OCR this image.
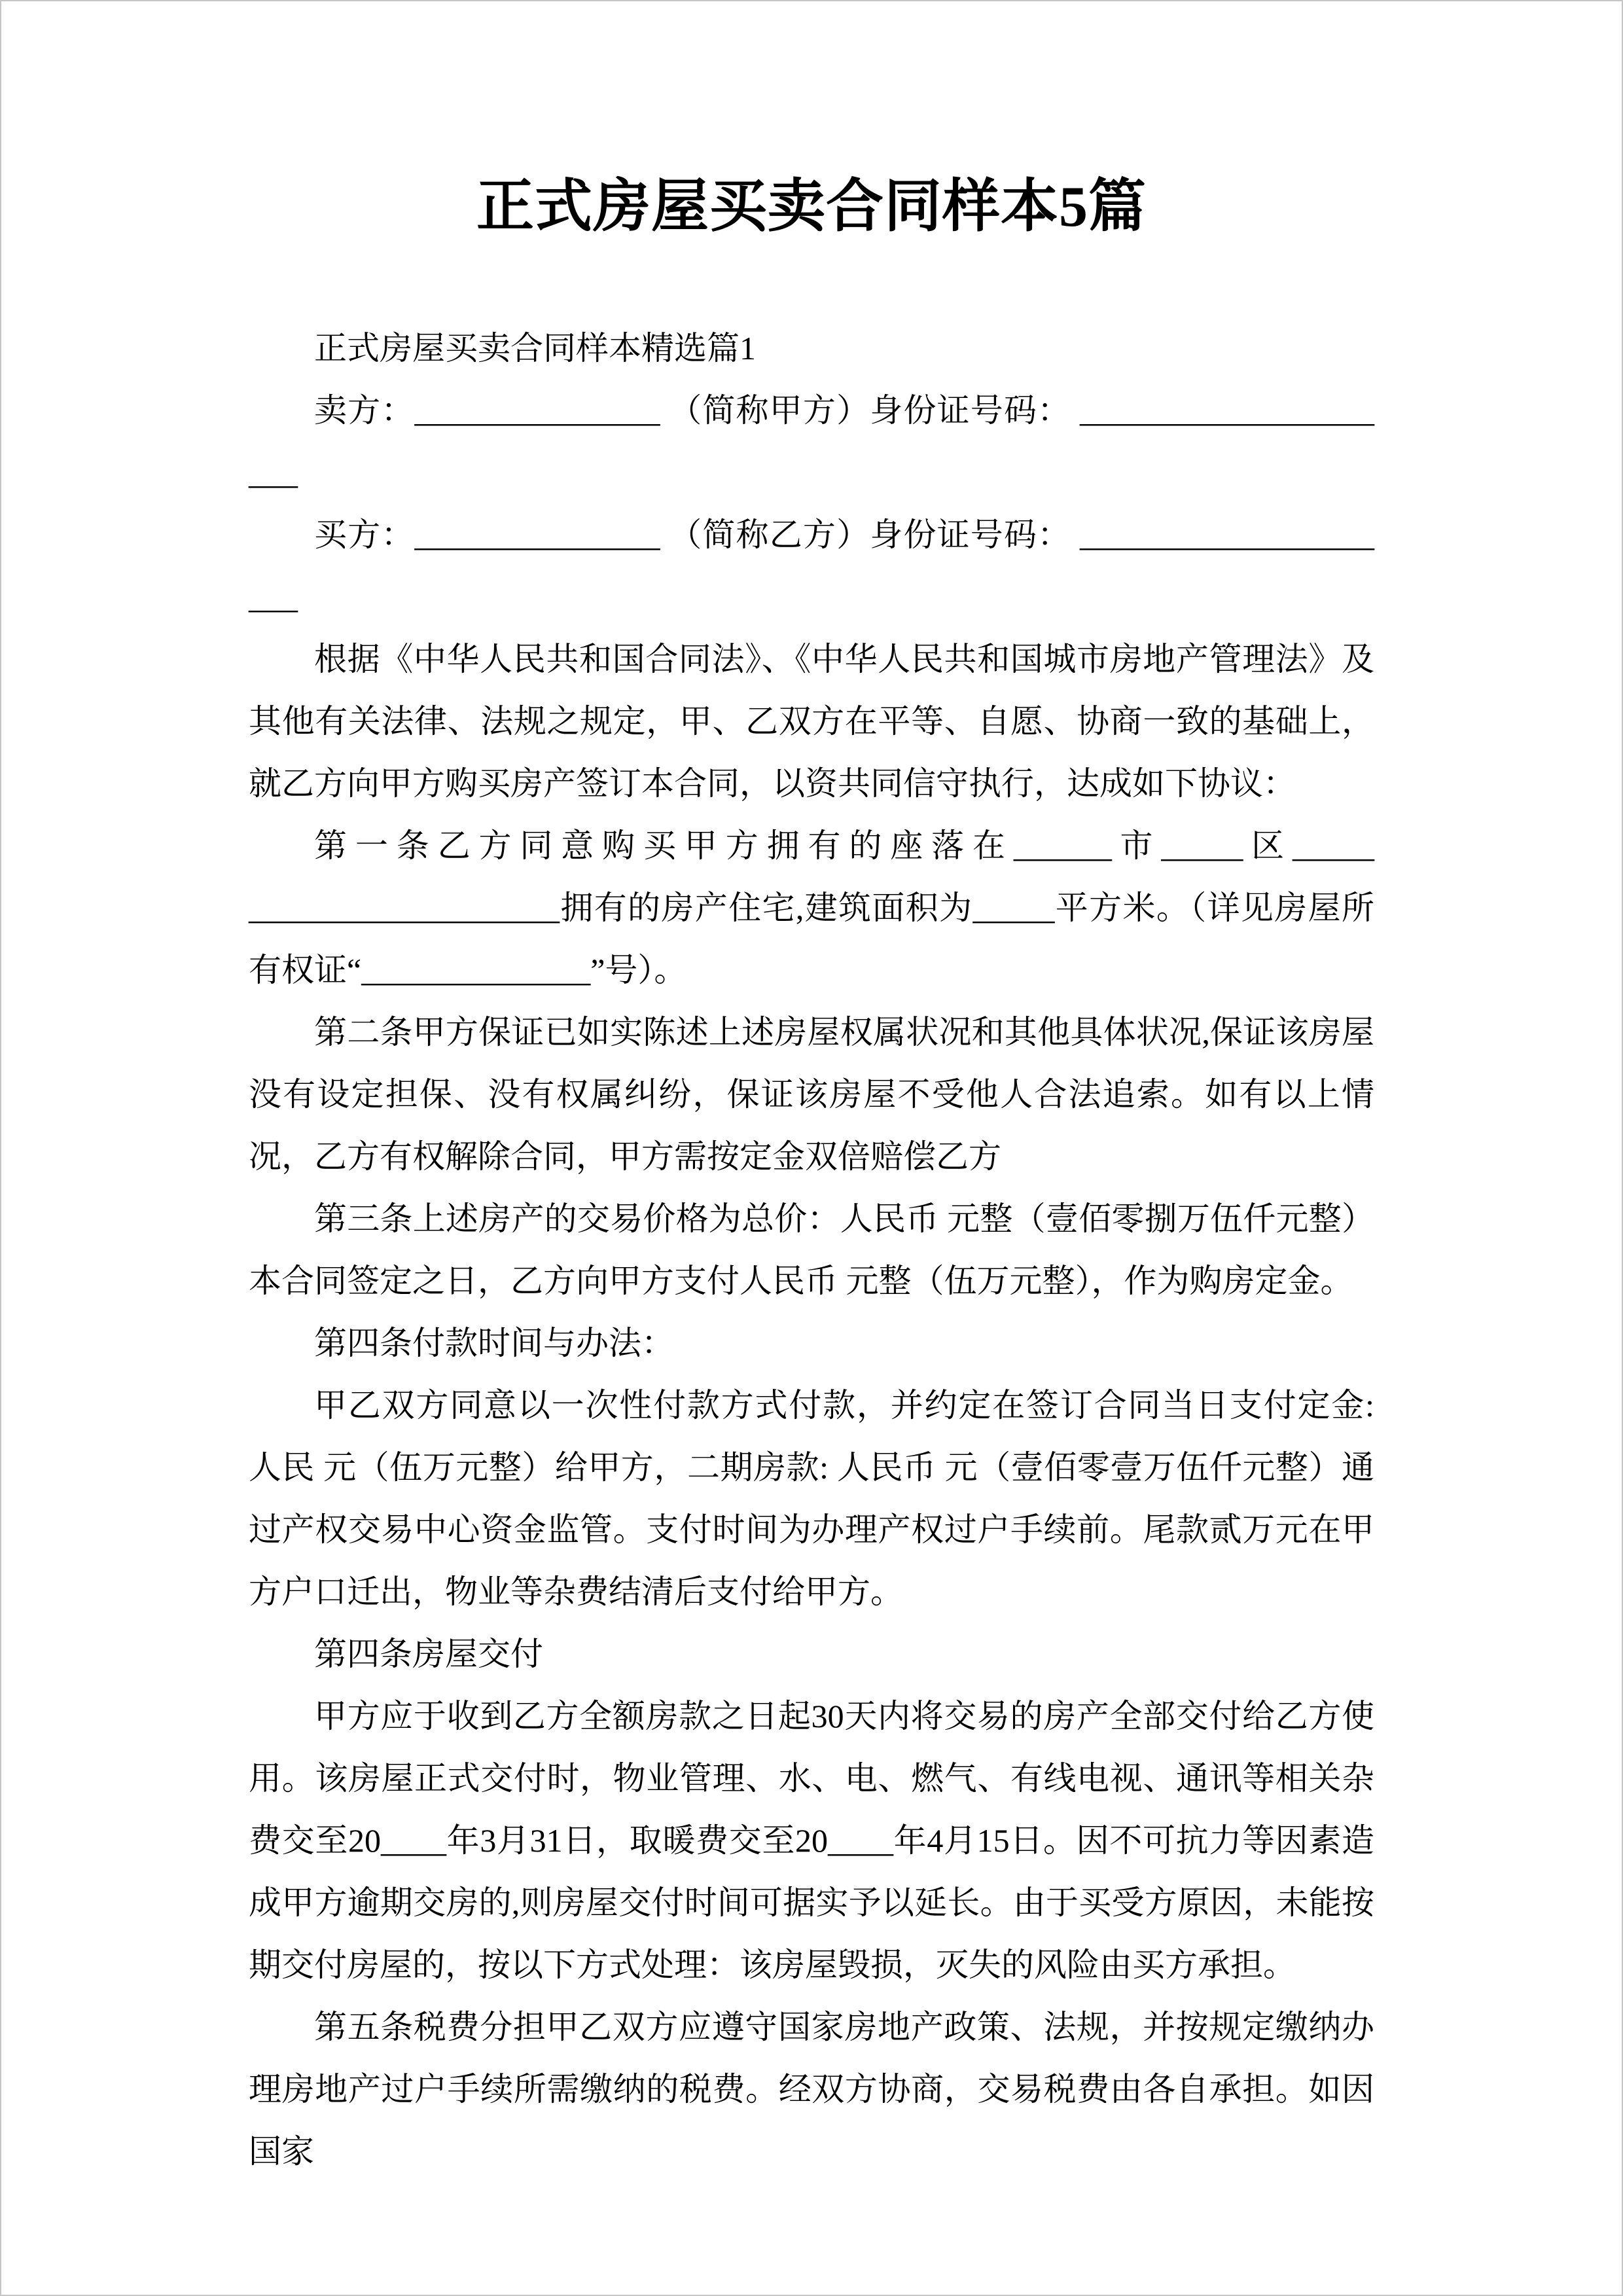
正式房屋买卖合同样本5篇

正式房屋买卖合同样本精选篇1

卖方：_______________ （简称甲方）身份证号码： _____________________

买方：_______________ （简称乙方）身份证号码： _____________________

根据《中华人民共和国合同法》、《中华人民共和国城市房地产管理法》及其他有关法律、法规之规定，甲、乙双方在平等、自愿、协商一致的基础上，就乙方向甲方购买房产签订本合同，以资共同信守执行，达成如下协议：

第 一 条 乙 方 同 意 购 买 甲 方 拥 有 的 座 落 在 ______ 市 _____ 区 ________________________拥有的房产住宅,建筑面积为_____平方米。（详见房屋所有权证“______________”号）。

第二条甲方保证已如实陈述上述房屋权属状况和其他具体状况,保证该房屋没有设定担保、没有权属纠纷，保证该房屋不受他人合法追索。如有以上情况，乙方有权解除合同，甲方需按定金双倍赔偿乙方

第三条上述房产的交易价格为总价：人民币 元整（壹佰零捌万伍仟元整）本合同签定之日，乙方向甲方支付人民币 元整（伍万元整），作为购房定金。

第四条付款时间与办法：

甲乙双方同意以一次性付款方式付款，并约定在签订合同当日支付定金: 人民 元（伍万元整）给甲方，二期房款: 人民币 元（壹佰零壹万伍仟元整）通过产权交易中心资金监管。支付时间为办理产权过户手续前。尾款贰万元在甲方户口迁出，物业等杂费结清后支付给甲方。

第四条房屋交付

甲方应于收到乙方全额房款之日起30天内将交易的房产全部交付给乙方使用。该房屋正式交付时，物业管理、水、电、燃气、有线电视、通讯等相关杂费交至20____年3月31日，取暖费交至20____年4月15日。因不可抗力等因素造成甲方逾期交房的,则房屋交付时间可据实予以延长。由于买受方原因，未能按期交付房屋的，按以下方式处理：该房屋毁损，灭失的风险由买方承担。

第五条税费分担甲乙双方应遵守国家房地产政策、法规，并按规定缴纳办理房地产过户手续所需缴纳的税费。经双方协商，交易税费由各自承担。如因国家
